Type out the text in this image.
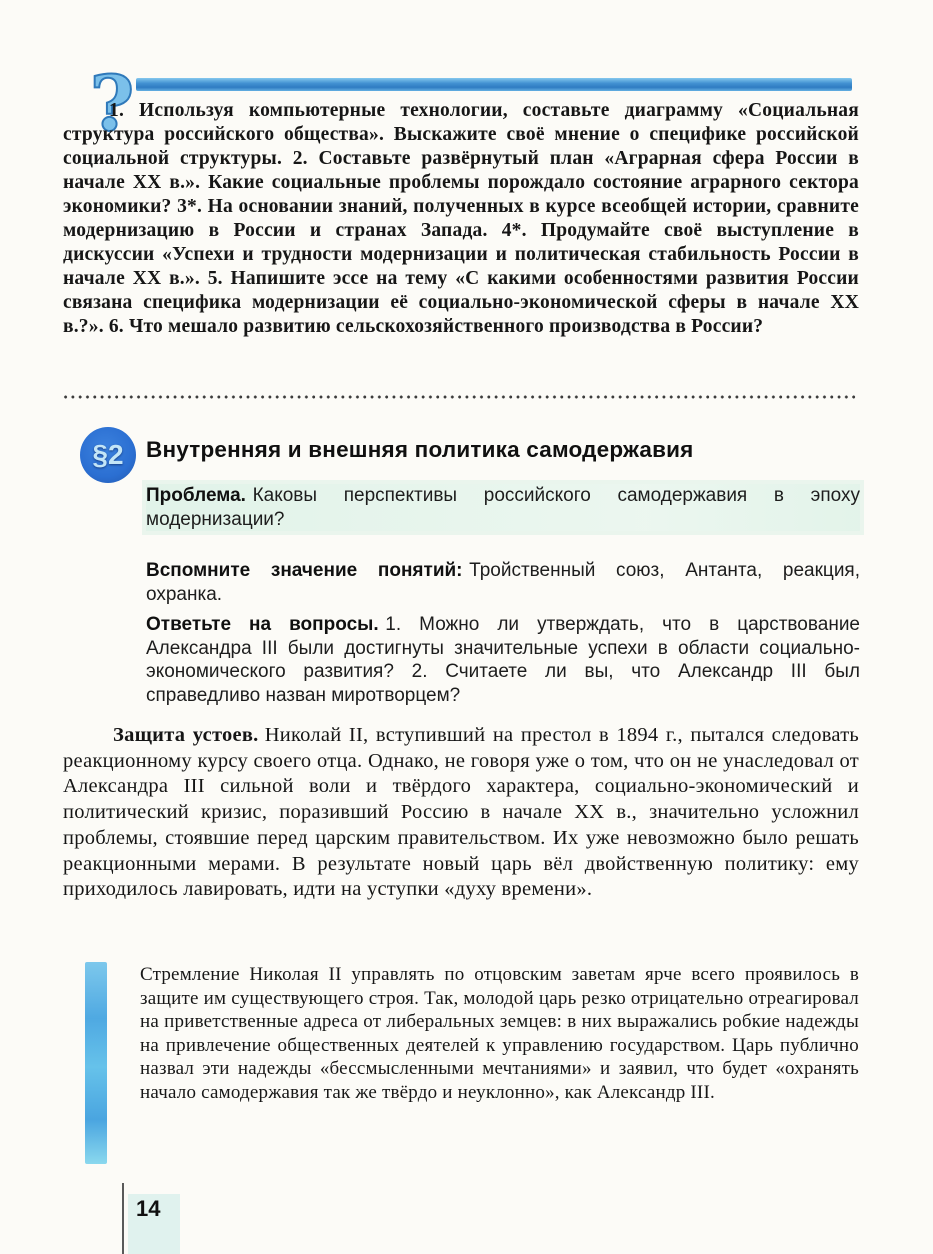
?

1. Используя компьютерные технологии, составьте диаграмму «Социальная структура российского общества». Выскажите своё мнение о специфике российской социальной структуры. 2. Составьте развёрнутый план «Аграрная сфера России в начале XX в.». Какие социальные проблемы порождало состояние аграрного сектора экономики? 3*. На основании знаний, полученных в курсе всеобщей истории, сравните модернизацию в России и странах Запада. 4*. Продумайте своё выступление в дискуссии «Успехи и трудности модернизации и политическая стабильность России в начале XX в.». 5. Напишите эссе на тему «С какими особенностями развития России связана специфика модернизации её социально-экономической сферы в начале XX в.?». 6. Что мешало развитию сельскохозяйственного производства в России?

§2 Внутренняя и внешняя политика самодержавия

Проблема. Каковы перспективы российского самодержавия в эпоху модернизации?

Вспомните значение понятий: Тройственный союз, Антанта, реакция, охранка.

Ответьте на вопросы. 1. Можно ли утверждать, что в царствование Александра III были достигнуты значительные успехи в области социально-экономического развития? 2. Считаете ли вы, что Александр III был справедливо назван миротворцем?

Защита устоев. Николай II, вступивший на престол в 1894 г., пытался следовать реакционному курсу своего отца. Однако, не говоря уже о том, что он не унаследовал от Александра III сильной воли и твёрдого характера, социально-экономический и политический кризис, поразивший Россию в начале XX в., значительно усложнил проблемы, стоявшие перед царским правительством. Их уже невозможно было решать реакционными мерами. В результате новый царь вёл двойственную политику: ему приходилось лавировать, идти на уступки «духу времени».

Стремление Николая II управлять по отцовским заветам ярче всего проявилось в защите им существующего строя. Так, молодой царь резко отрицательно отреагировал на приветственные адреса от либеральных земцев: в них выражались робкие надежды на привлечение общественных деятелей к управлению государством. Царь публично назвал эти надежды «бессмысленными мечтаниями» и заявил, что будет «охранять начало самодержавия так же твёрдо и неуклонно», как Александр III.

14
